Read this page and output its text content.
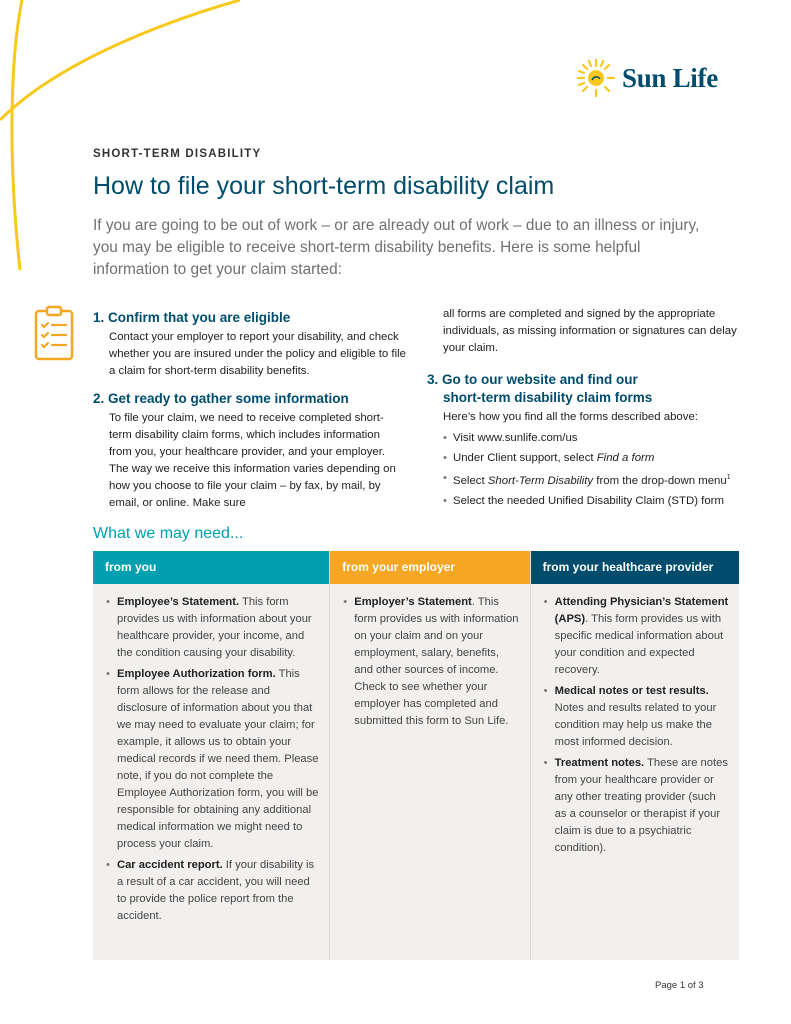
Sun Life
SHORT-TERM DISABILITY
How to file your short-term disability claim

If you are going to be out of work – or are already out of work – due to an illness or injury, you may be eligible to receive short-term disability benefits. Here is some helpful information to get your claim started:

1. Confirm that you are eligible

Contact your employer to report your disability, and check whether you are insured under the policy and eligible to file a claim for short-term disability benefits.

2. Get ready to gather some information

To file your claim, we need to receive completed short-term disability claim forms, which includes information from you, your healthcare provider, and your employer. The way we receive this information varies depending on how you choose to file your claim – by fax, by mail, by email, or online. Make sure

all forms are completed and signed by the appropriate individuals, as missing information or signatures can delay your claim.

3. Go to our website and find our
short-term disability claim forms

Here’s how you find all the forms described above:

• Visit www.sunlife.com/us
• Under Client support, select Find a form
• Select Short-Term Disability from the drop-down menu$^1$
• Select the needed Unified Disability Claim (STD) form
What we may need...
from you
• Employee’s Statement. This form provides us with information about your healthcare provider, your income, and the condition causing your disability.
• Employee Authorization form. This form allows for the release and disclosure of information about you that we may need to evaluate your claim; for example, it allows us to obtain your medical records if we need them. Please note, if you do not complete the Employee Authorization form, you will be responsible for obtaining any additional medical information we might need to process your claim.
• Car accident report. If your disability is a result of a car accident, you will need to provide the police report from the accident.
from your employer
• Employer’s Statement. This form provides us with information on your claim and on your employment, salary, benefits, and other sources of income. Check to see whether your employer has completed and submitted this form to Sun Life.
from your healthcare provider
• Attending Physician’s Statement (APS). This form provides us with specific medical information about your condition and expected recovery.
• Medical notes or test results. Notes and results related to your condition may help us make the most informed decision.
• Treatment notes. These are notes from your healthcare provider or any other treating provider (such as a counselor or therapist if your claim is due to a psychiatric condition).
Page 1 of 3
